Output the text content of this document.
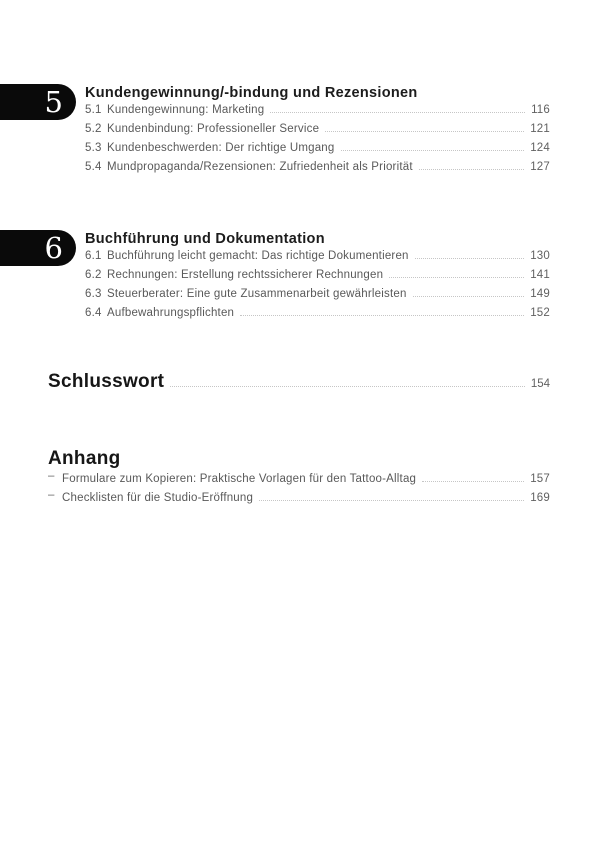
5 Kundengewinnung/-bindung und Rezensionen
5.1 Kundengewinnung: Marketing	116
5.2 Kundenbindung: Professioneller Service	121
5.3 Kundenbeschwerden: Der richtige Umgang	124
5.4 Mundpropaganda/Rezensionen: Zufriedenheit als Priorität	127
6 Buchführung und Dokumentation
6.1 Buchführung leicht gemacht: Das richtige Dokumentieren	130
6.2 Rechnungen: Erstellung rechtssicherer Rechnungen	141
6.3 Steuerberater: Eine gute Zusammenarbeit gewährleisten	149
6.4 Aufbewahrungspflichten	152
Schlusswort	154
Anhang
– Formulare zum Kopieren: Praktische Vorlagen für den Tattoo-Alltag	157
– Checklisten für die Studio-Eröffnung	169
